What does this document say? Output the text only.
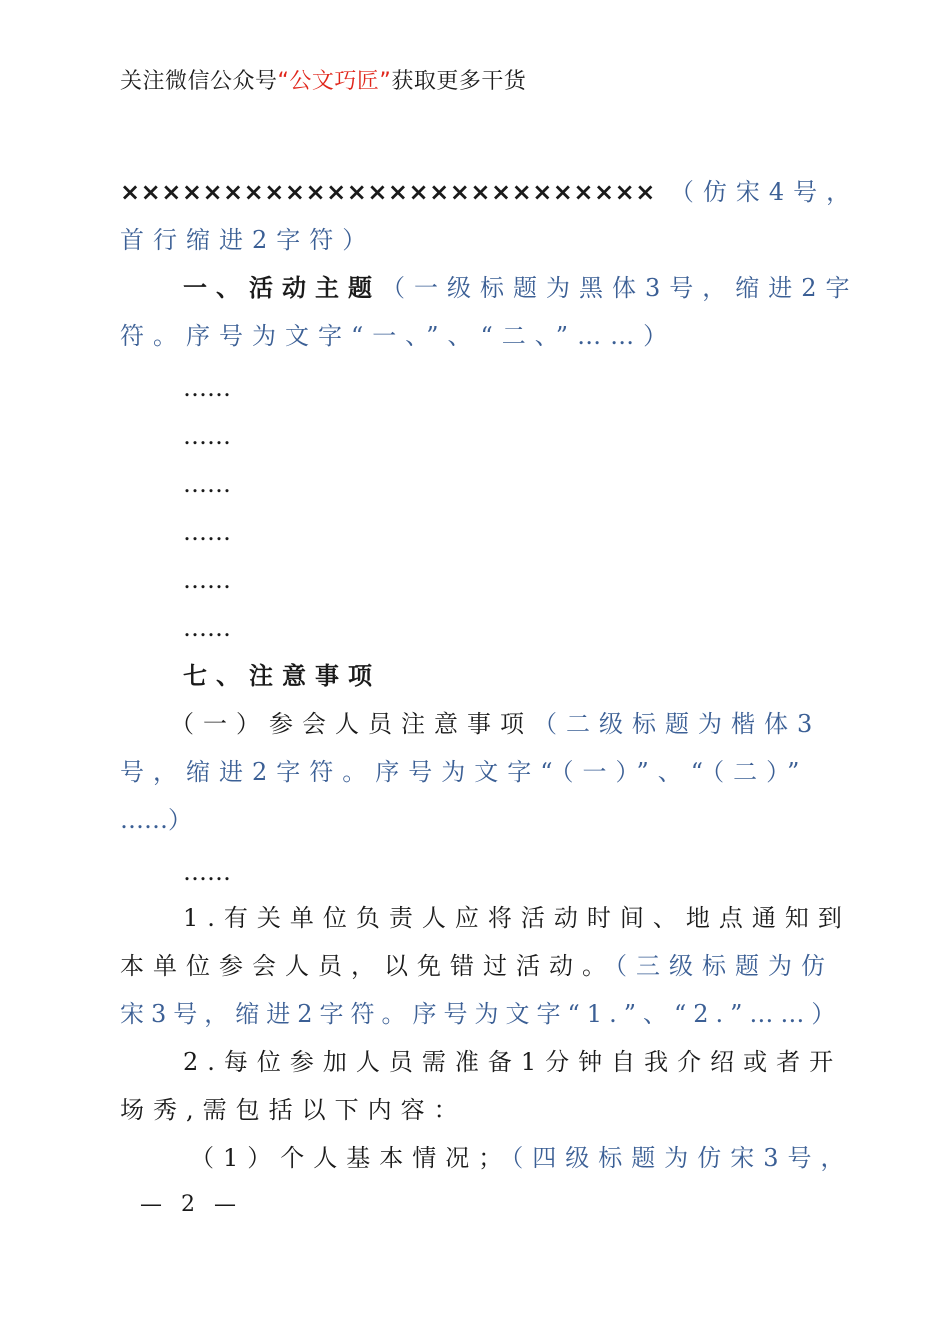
关注微信公众号“公文巧匠”获取更多干货
×××××××××××××××××××××××××× （仿宋4号，
首行缩进2字符）
一、活动主题（一级标题为黑体3号，缩进2字
符。序号为文字“一、”、“二、”……）
……
……
……
……
……
……
七、注意事项
（一）参会人员注意事项（二级标题为楷体3
号，缩进2字符。序号为文字“（一）”、“（二）”
……）
……
1.有关单位负责人应将活动时间、地点通知到
本单位参会人员，以免错过活动。（三级标题为仿
宋3号，缩进2字符。序号为文字“1.”、“2.”……）
2.每位参加人员需准备1分钟自我介绍或者开
场秀,需包括以下内容：
（1）个人基本情况；（四级标题为仿宋3号，
— 2 —
